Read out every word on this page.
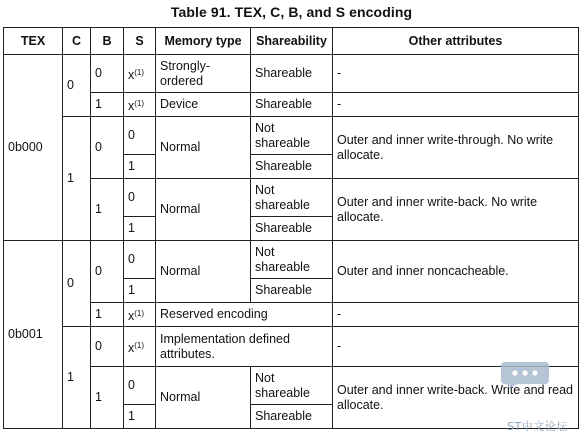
Table 91. TEX, C, B, and S encoding
TEX	C	B	S	Memory type	Shareability	Other attributes
0b000	0	0	$x^{(1)}$	Strongly-ordered	Shareable	-
		1	$x^{(1)}$	Device	Shareable	-
	1	0	0	Normal	Not shareable	Outer and inner write-through. No write allocate.
			1		Shareable	
		1	0	Normal	Not shareable	Outer and inner write-back. No write allocate.
			1		Shareable	
0b001	0	0	0	Normal	Not shareable	Outer and inner noncacheable.
			1		Shareable	
		1	$x^{(1)}$	Reserved encoding		-
	1	0	$x^{(1)}$	Implementation defined attributes.		-
		1	0	Normal	Not shareable	Outer and inner write-back. Write and read allocate.
			1		Shareable	
ST中文论坛
